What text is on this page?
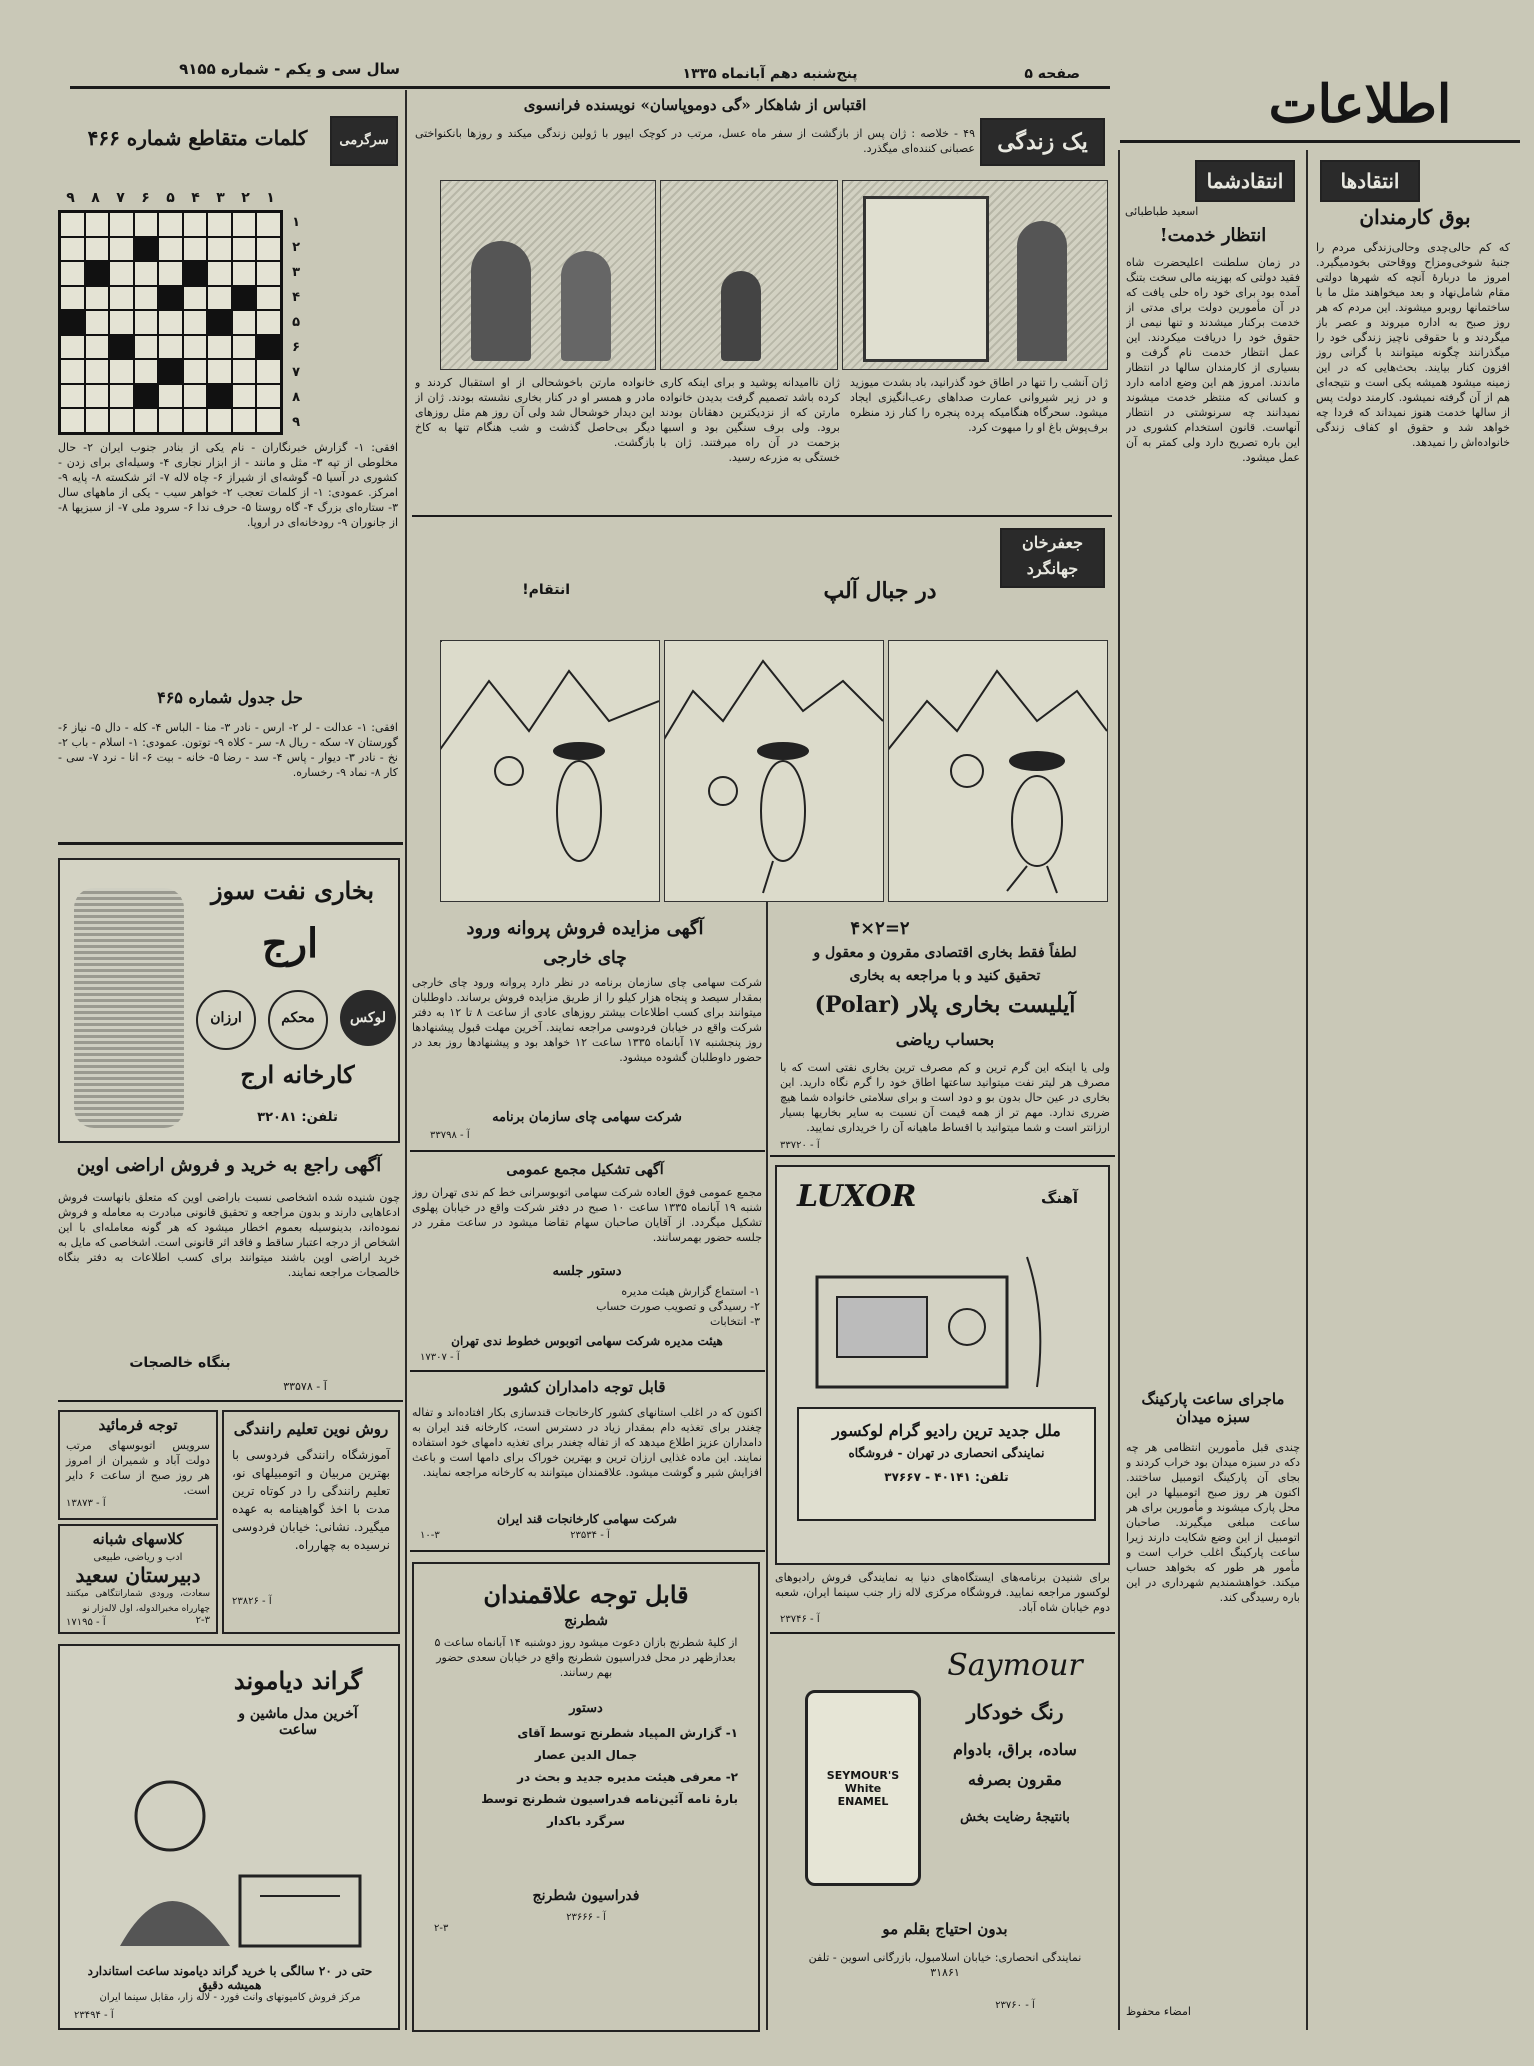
اطلاعات
صفحه ۵
پنج‌شنبه دهم آبانماه ۱۳۳۵
سال سی و یکم - شماره ۹۱۵۵
انتقادها
بوق کارمندان
که کم حالی‌چدی وحالی‌زندگی مردم را جنبهٔ شوخی‌ومزاح ووقاحتی بخودمیگیرد. امروز ما دربارهٔ آنچه که شهرها دولتی مقام شامل‌نهاد و بعد میخواهند مثل ما با ساختمانها روبرو میشوند. این مردم که هر روز صبح به اداره میروند و عصر باز میگردند و با حقوقی ناچیز زندگی خود را میگذرانند چگونه میتوانند با گرانی روز افزون کنار بیایند. بحث‌هایی که در این زمینه میشود همیشه یکی است و نتیجه‌ای هم از آن گرفته نمیشود. کارمند دولت پس از سالها خدمت هنوز نمیداند که فردا چه خواهد شد و حقوق او کفاف زندگی خانواده‌اش را نمیدهد.
انتقادشما
اسعید طباطبائی
انتظار خدمت!
در زمان سلطنت اعلیحضرت شاه فقید دولتی که بهزینه مالی سخت بتنگ آمده بود برای خود راه حلی یافت که در آن مأمورین دولت برای مدتی از خدمت برکنار میشدند و تنها نیمی از حقوق خود را دریافت میکردند. این عمل انتظار خدمت نام گرفت و بسیاری از کارمندان سالها در انتظار ماندند. امروز هم این وضع ادامه دارد و کسانی که منتظر خدمت میشوند نمیدانند چه سرنوشتی در انتظار آنهاست. قانون استخدام کشوری در این باره تصریح دارد ولی کمتر به آن عمل میشود.
ماجرای ساعت پارکینگ سبزه میدان
چندی قبل مأمورین انتظامی هر چه دکه در سبزه میدان بود خراب کردند و بجای آن پارکینگ اتومبیل ساختند. اکنون هر روز صبح اتومبیلها در این محل پارک میشوند و مأمورین برای هر ساعت مبلغی میگیرند. صاحبان اتومبیل از این وضع شکایت دارند زیرا ساعت پارکینگ اغلب خراب است و مأمور هر طور که بخواهد حساب میکند. خواهشمندیم شهرداری در این باره رسیدگی کند.
امضاء محفوظ
اقتباس از شاهکار «گی دوموپاسان» نویسنده فرانسوی
یک زندگی
۴۹ - خلاصه : ژان پس از بازگشت از سفر ماه عسل، مرتب در کوچک ایپور با ژولین زندگی میکند و روزها بانکنواختی عصبانی کننده‌ای میگذرد.
ژان آنشب را تنها در اطاق خود گذرانید، باد بشدت میوزید و در زیر شیروانی عمارت صداهای رعب‌انگیزی ایجاد میشود. سحرگاه هنگامیکه پرده پنجره را کنار زد منظره برف‌پوش باغ او را مبهوت کرد.
ژان ناامیدانه پوشید و برای اینکه کاری کرده باشد تصمیم گرفت بدیدن خانواده مارتن که از نزدیکترین دهقانان بودند برود. ولی برف سنگین بود و اسبها بزحمت در آن راه میرفتند. ژان با خستگی به مزرعه رسید.
خانواده مارتن باخوشحالی از او استقبال کردند و مادر و همسر او در کنار بخاری نشسته بودند. ژان از این دیدار خوشحال شد ولی آن روز هم مثل روزهای دیگر بی‌حاصل گذشت و شب هنگام تنها به کاخ بازگشت.
جعفرخان جهانگرد
در جبال آلپ
انتقام!
سرگرمی
کلمات متقاطع شماره ۴۶۶
۹ ۸ ۷ ۶ ۵ ۴ ۳ ۲ ۱
۱
۲
۳
۴
۵
۶
۷
۸
۹
افقی: ۱- گزارش خبرنگاران - نام یکی از بنادر جنوب ایران ۲- حال مخلوطی از تپه ۳- مثل و مانند - از ابزار نجاری ۴- وسیله‌ای برای زدن - کشوری در آسیا ۵- گوشه‌ای از شیراز ۶- چاه لاله ۷- اثر شکسته ۸- پایه ۹- امرکز. عمودی: ۱- از کلمات تعجب ۲- خواهر سیب - یکی از ماههای سال ۳- ستاره‌ای بزرگ ۴- گاه روستا ۵- حرف ندا ۶- سرود ملی ۷- از سبزیها ۸- از جانوران ۹- رودخانه‌ای در اروپا.
حل جدول شماره ۴۶۵
افقی: ۱- عدالت - لر ۲- ارس - نادر ۳- منا - الباس ۴- کله - دال ۵- نیاز ۶- گورستان ۷- سکه - ریال ۸- سر - کلاه ۹- توتون. عمودی: ۱- اسلام - باب ۲- نخ - نادر ۳- دیوار - پاس ۴- سد - رضا ۵- خانه - بیت ۶- انا - نرد ۷- سی - کار ۸- نماد ۹- رخساره.
بخاری نفت سوز
ارج
لوکس
محکم
ارزان
کارخانه ارج
تلفن: ۳۲۰۸۱
آگهی راجع به خرید و فروش اراضی اوین
چون شنیده شده اشخاصی نسبت باراضی اوین که متعلق بانهاست فروش ادعاهایی دارند و بدون مراجعه و تحقیق قانونی مبادرت به معامله و فروش نموده‌اند، بدینوسیله بعموم اخطار میشود که هر گونه معامله‌ای با این اشخاص از درجه اعتبار ساقط و فاقد اثر قانونی است. اشخاصی که مایل به خرید اراضی اوین باشند میتوانند برای کسب اطلاعات به دفتر بنگاه خالصجات مراجعه نمایند.
بنگاه خالصجات
آ - ۳۳۵۷۸
توجه فرمائید
سرویس اتوبوسهای مرتب دولت آباد و شمیران از امروز هر روز صبح از ساعت ۶ دایر است.
آ - ۱۳۸۷۳
کلاسهای شبانه
ادب و ریاضی، طبیعی
دبیرستان سعید
سعادت، ورودی شمارانتگاهی میکنند چهارراه مخبرالدوله، اول لاله‌زار نو
آ - ۱۷۱۹۵	۲-۳
روش نوین تعلیم رانندگی
آموزشگاه رانندگی فردوسی با بهترین مربیان و اتومبیلهای نو، تعلیم رانندگی را در کوتاه ترین مدت با اخذ گواهینامه به عهده میگیرد. نشانی: خیابان فردوسی نرسیده به چهارراه.
آ - ۲۳۸۲۶
گراند دیاموند
آخرین مدل ماشین و ساعت
حتی در ۲۰ سالگی با خرید گراند دیاموند ساعت استاندارد همیشه دقیق
مرکز فروش کامیونهای وانت فورد - لاله زار، مقابل سینما ایران
آ - ۲۳۴۹۴
آگهی مزایده فروش پروانه ورود
چای خارجی
شرکت سهامی چای سازمان برنامه در نظر دارد پروانه ورود چای خارجی بمقدار سیصد و پنجاه هزار کیلو را از طریق مزایده فروش برساند. داوطلبان میتوانند برای کسب اطلاعات بیشتر روزهای عادی از ساعت ۸ تا ۱۲ به دفتر شرکت واقع در خیابان فردوسی مراجعه نمایند. آخرین مهلت قبول پیشنهادها روز پنجشنبه ۱۷ آبانماه ۱۳۳۵ ساعت ۱۲ خواهد بود و پیشنهادها روز بعد در حضور داوطلبان گشوده میشود.
شرکت سهامی چای سازمان برنامه
آ - ۳۳۷۹۸
۴×۲=۲
لطفاً فقط بخاری اقتصادی مقرون و معقول و
تحقیق کنید و با مراجعه به بخاری
آیلیست بخاری پلار (Polar)
بحساب ریاضی
ولی یا اینکه این گرم ترین و کم مصرف ترین بخاری نفتی است که با مصرف هر لیتر نفت میتوانید ساعتها اطاق خود را گرم نگاه دارید. این بخاری در عین حال بدون بو و دود است و برای سلامتی خانواده شما هیچ ضرری ندارد. مهم تر از همه قیمت آن نسبت به سایر بخاریها بسیار ارزانتر است و شما میتوانید با اقساط ماهیانه آن را خریداری نمایید.
آ - ۳۳۷۲۰
آگهی تشکیل مجمع عمومی
مجمع عمومی فوق العاده شرکت سهامی اتوبوسرانی خط کم ندی تهران روز شنبه ۱۹ آبانماه ۱۳۳۵ ساعت ۱۰ صبح در دفتر شرکت واقع در خیابان پهلوی تشکیل میگردد. از آقایان صاحبان سهام تقاضا میشود در ساعت مقرر در جلسه حضور بهمرسانند.
دستور جلسه
۱- استماع گزارش هیئت مدیره
۲- رسیدگی و تصویب صورت حساب
۳- انتخابات
هیئت مدیره شرکت سهامی اتوبوس خطوط ندی تهران
آ - ۱۷۳۰۷
قابل توجه دامداران کشور
اکنون که در اغلب استانهای کشور کارخانجات قندسازی بکار افتاده‌اند و تفاله چغندر برای تغذیه دام بمقدار زیاد در دسترس است، کارخانه قند ایران به دامداران عزیز اطلاع میدهد که از تفاله چغندر برای تغذیه دامهای خود استفاده نمایند. این ماده غذایی ارزان ترین و بهترین خوراک برای دامها است و باعث افزایش شیر و گوشت میشود. علاقمندان میتوانند به کارخانه مراجعه نمایند.
شرکت سهامی کارخانجات قند ایران
آ - ۲۳۵۳۴
۱۰-۳
قابل توجه علاقمندان
شطرنج
از کلیهٔ شطرنج بازان دعوت میشود روز دوشنبه ۱۴ آبانماه ساعت ۵ بعدازظهر در محل فدراسیون شطرنج واقع در خیابان سعدی حضور بهم رسانند.
دستور
۱- گزارش المپیاد شطرنج توسط آقای
جمال الدین عصار
۲- معرفی هیئت مدیره جدید و بحث در
بارهٔ نامه آئین‌نامه فدراسیون شطرنج توسط
سرگرد باکدار
فدراسیون شطرنج
آ - ۲۳۶۶۶
۲-۳
LUXOR	آهنگ
ملل جدید ترین رادیو گرام لوکسور
نمایندگی انحصاری در تهران - فروشگاه
تلفن: ۴۰۱۴۱ - ۳۷۶۶۷
برای شنیدن برنامه‌های ایستگاه‌های دنیا به نمایندگی فروش رادیوهای لوکسور مراجعه نمایید. فروشگاه مرکزی لاله زار جنب سینما ایران، شعبه دوم خیابان شاه آباد.
آ - ۲۳۷۴۶
Saymour
رنگ خودکار
ساده، براق، بادوام
مقرون بصرفه
بانتیجهٔ رضایت بخش
SEYMOUR'S White ENAMEL
بدون احتیاج بقلم مو
نمایندگی انحصاری: خیابان اسلامبول، بازرگانی اسوین - تلفن ۳۱۸۶۱
آ - ۲۳۷۶۰
